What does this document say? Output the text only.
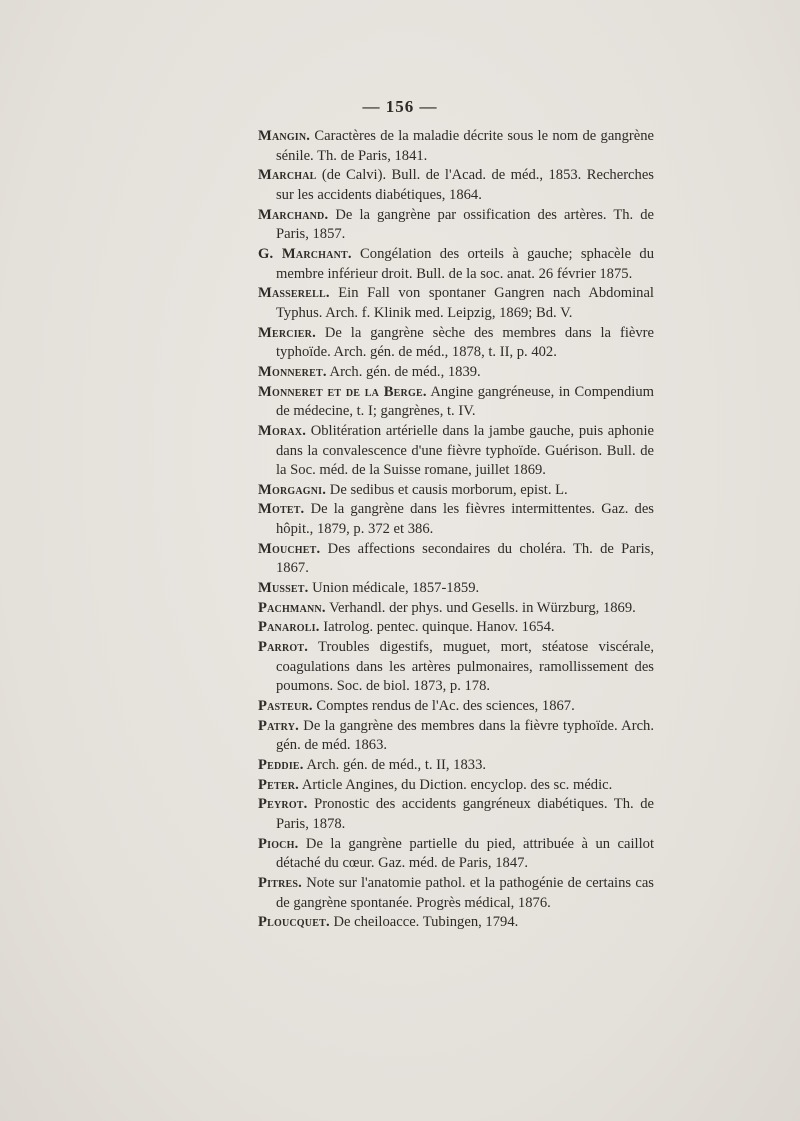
— 156 —
Mangin. Caractères de la maladie décrite sous le nom de gangrène sénile. Th. de Paris, 1841.
Marchal (de Calvi). Bull. de l'Acad. de méd., 1853. Recherches sur les accidents diabétiques, 1864.
Marchand. De la gangrène par ossification des artères. Th. de Paris, 1857.
G. Marchant. Congélation des orteils à gauche; sphacèle du membre inférieur droit. Bull. de la soc. anat. 26 février 1875.
Masserell. Ein Fall von spontaner Gangren nach Abdominal Typhus. Arch. f. Klinik med. Leipzig, 1869; Bd. V.
Mercier. De la gangrène sèche des membres dans la fièvre typhoïde. Arch. gén. de méd., 1878, t. II, p. 402.
Monneret. Arch. gén. de méd., 1839.
Monneret et de la Berge. Angine gangréneuse, in Compendium de médecine, t. I; gangrènes, t. IV.
Morax. Oblitération artérielle dans la jambe gauche, puis aphonie dans la convalescence d'une fièvre typhoïde. Guérison. Bull. de la Soc. méd. de la Suisse romane, juillet 1869.
Morgagni. De sedibus et causis morborum, epist. L.
Motet. De la gangrène dans les fièvres intermittentes. Gaz. des hôpit., 1879, p. 372 et 386.
Mouchet. Des affections secondaires du choléra. Th. de Paris, 1867.
Musset. Union médicale, 1857-1859.
Pachmann. Verhandl. der phys. und Gesells. in Würzburg, 1869.
Panaroli. Iatrolog. pentec. quinque. Hanov. 1654.
Parrot. Troubles digestifs, muguet, mort, stéatose viscérale, coagulations dans les artères pulmonaires, ramollissement des poumons. Soc. de biol. 1873, p. 178.
Pasteur. Comptes rendus de l'Ac. des sciences, 1867.
Patry. De la gangrène des membres dans la fièvre typhoïde. Arch. gén. de méd. 1863.
Peddie. Arch. gén. de méd., t. II, 1833.
Peter. Article Angines, du Diction. encyclop. des sc. médic.
Peyrot. Pronostic des accidents gangréneux diabétiques. Th. de Paris, 1878.
Pioch. De la gangrène partielle du pied, attribuée à un caillot détaché du cœur. Gaz. méd. de Paris, 1847.
Pitres. Note sur l'anatomie pathol. et la pathogénie de certains cas de gangrène spontanée. Progrès médical, 1876.
Ploucquet. De cheiloacce. Tubingen, 1794.
